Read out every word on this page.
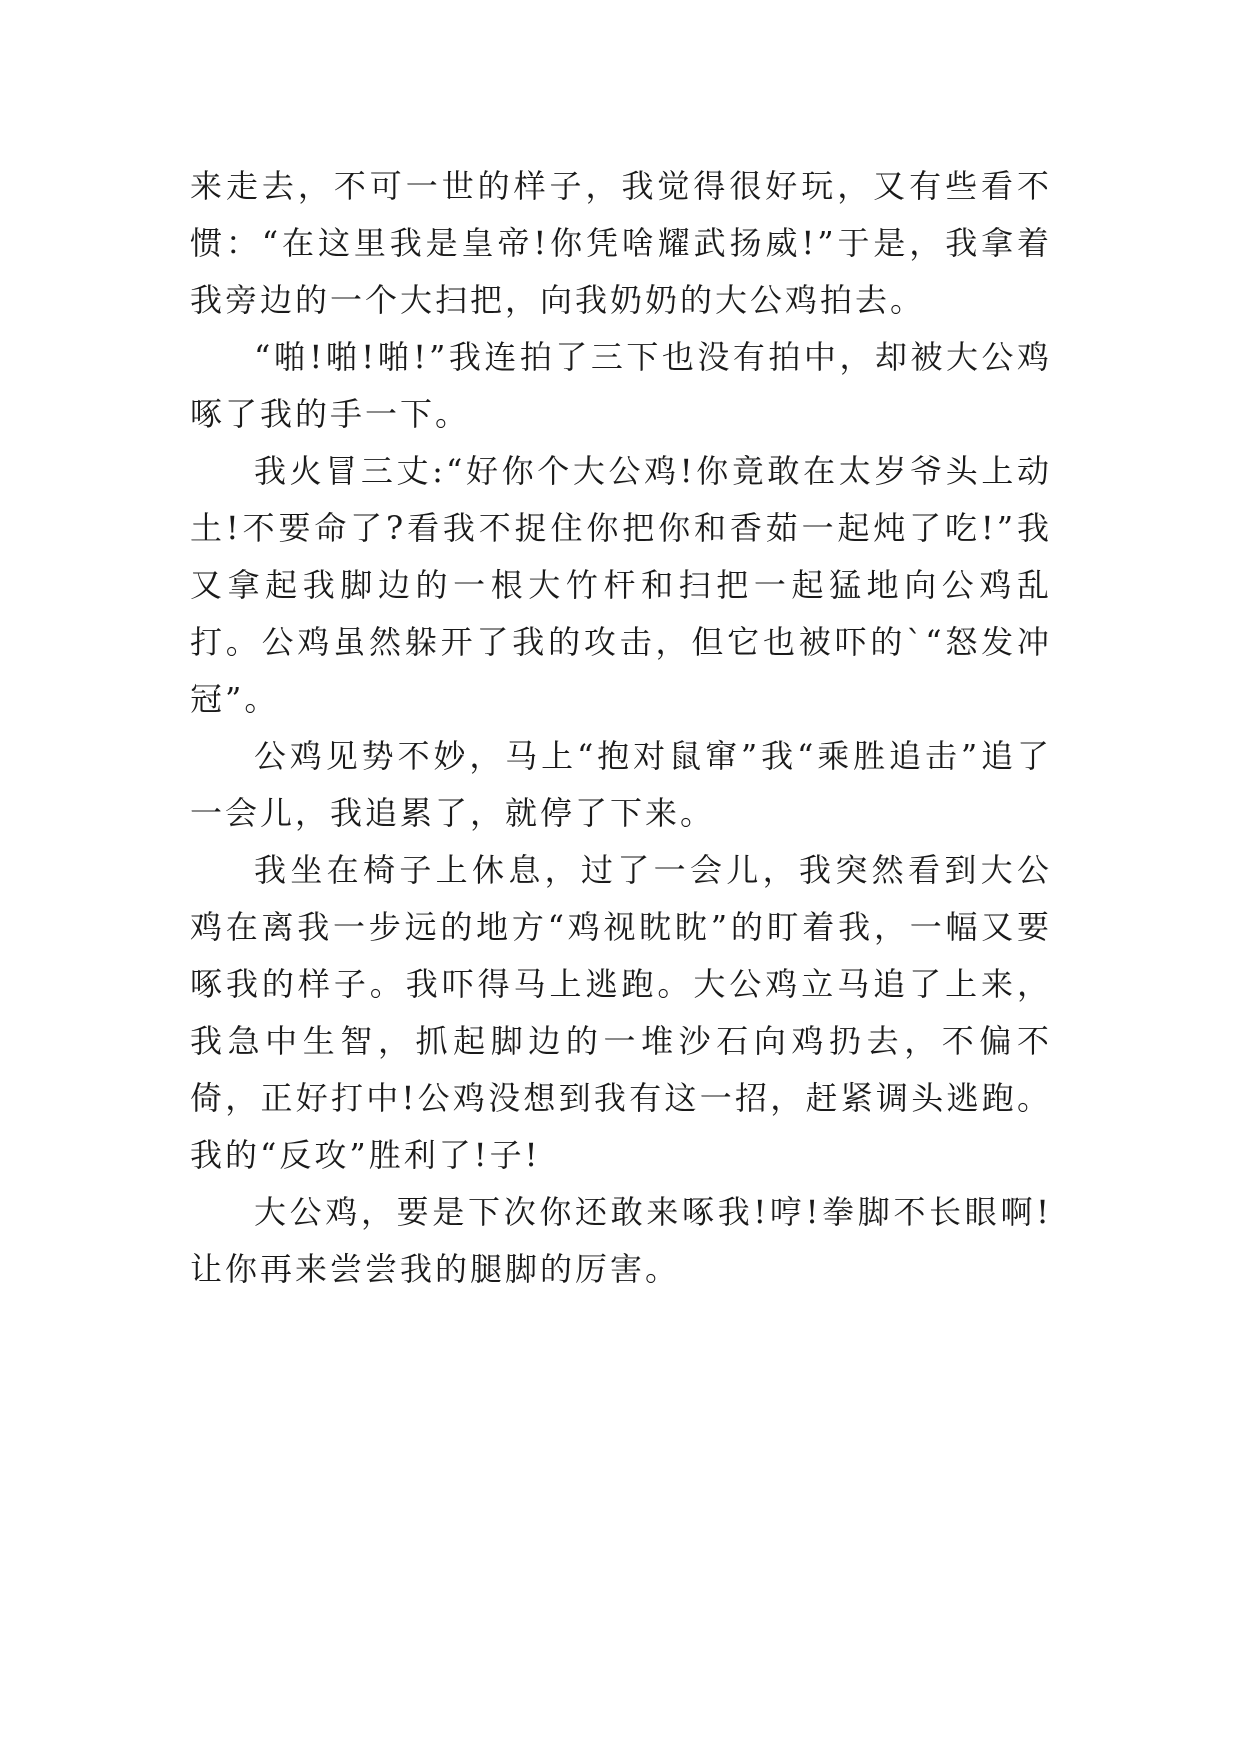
来走去，不可一世的样子，我觉得很好玩，又有些看不惯：“在这里我是皇帝!你凭啥耀武扬威!”于是，我拿着我旁边的一个大扫把，向我奶奶的大公鸡拍去。

“啪!啪!啪!”我连拍了三下也没有拍中，却被大公鸡啄了我的手一下。

我火冒三丈:“好你个大公鸡!你竟敢在太岁爷头上动土!不要命了?看我不捉住你把你和香茹一起炖了吃!”我又拿起我脚边的一根大竹杆和扫把一起猛地向公鸡乱打。公鸡虽然躲开了我的攻击，但它也被吓的`“怒发冲冠”。

公鸡见势不妙，马上“抱对鼠窜”我“乘胜追击”追了一会儿，我追累了，就停了下来。

我坐在椅子上休息，过了一会儿，我突然看到大公鸡在离我一步远的地方“鸡视眈眈”的盯着我，一幅又要啄我的样子。我吓得马上逃跑。大公鸡立马追了上来，我急中生智，抓起脚边的一堆沙石向鸡扔去，不偏不倚，正好打中!公鸡没想到我有这一招，赶紧调头逃跑。我的“反攻”胜利了!子!

大公鸡，要是下次你还敢来啄我!哼!拳脚不长眼啊!让你再来尝尝我的腿脚的厉害。
